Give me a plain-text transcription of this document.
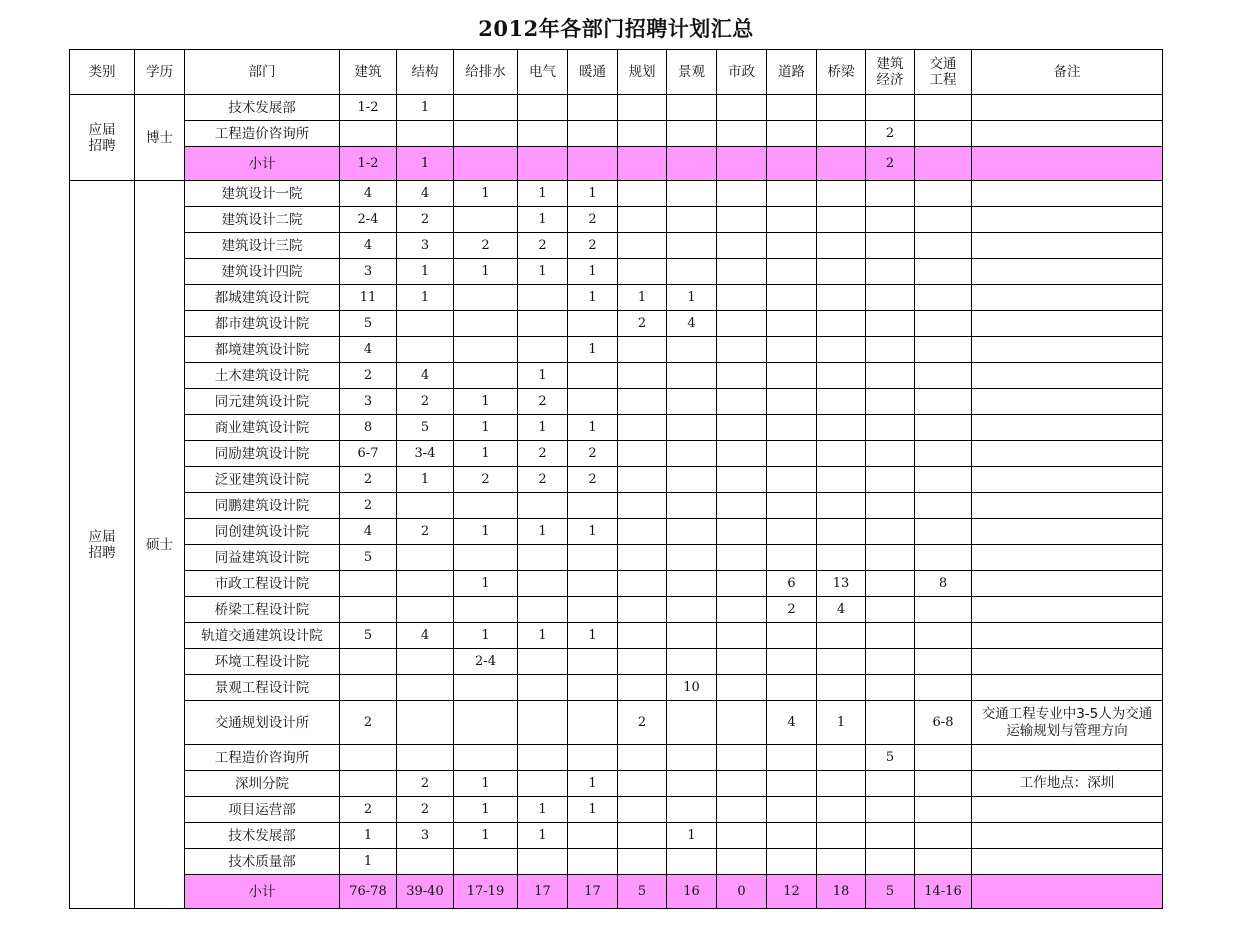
2012年各部门招聘计划汇总
类别	学历	部门	建筑	结构	给排水	电气	暖通	规划	景观	市政	道路	桥梁	建筑经济	交通工程	备注
应届招聘	博士	技术发展部	1-2	1											
		工程造价咨询所											2		
		小计	1-2	1									2		
应届招聘	硕士	建筑设计一院	4	4	1	1	1								
		建筑设计二院	2-4	2		1	2								
		建筑设计三院	4	3	2	2	2								
		建筑设计四院	3	1	1	1	1								
		都城建筑设计院	11	1			1	1	1						
		都市建筑设计院	5					2	4						
		都境建筑设计院	4				1								
		土木建筑设计院	2	4		1									
		同元建筑设计院	3	2	1	2									
		商业建筑设计院	8	5	1	1	1								
		同励建筑设计院	6-7	3-4	1	2	2								
		泛亚建筑设计院	2	1	2	2	2								
		同鹏建筑设计院	2												
		同创建筑设计院	4	2	1	1	1								
		同益建筑设计院	5												
		市政工程设计院			1						6	13		8	
		桥梁工程设计院									2	4			
		轨道交通建筑设计院	5	4	1	1	1								
		环境工程设计院			2-4										
		景观工程设计院							10						
		交通规划设计所	2					2			4	1		6-8	交通工程专业中3-5人为交通运输规划与管理方向
		工程造价咨询所											5		
		深圳分院		2	1		1								工作地点：深圳
		项目运营部	2	2	1	1	1								
		技术发展部	1	3	1	1			1						
		技术质量部	1												
		小计	76-78	39-40	17-19	17	17	5	16	0	12	18	5	14-16	
